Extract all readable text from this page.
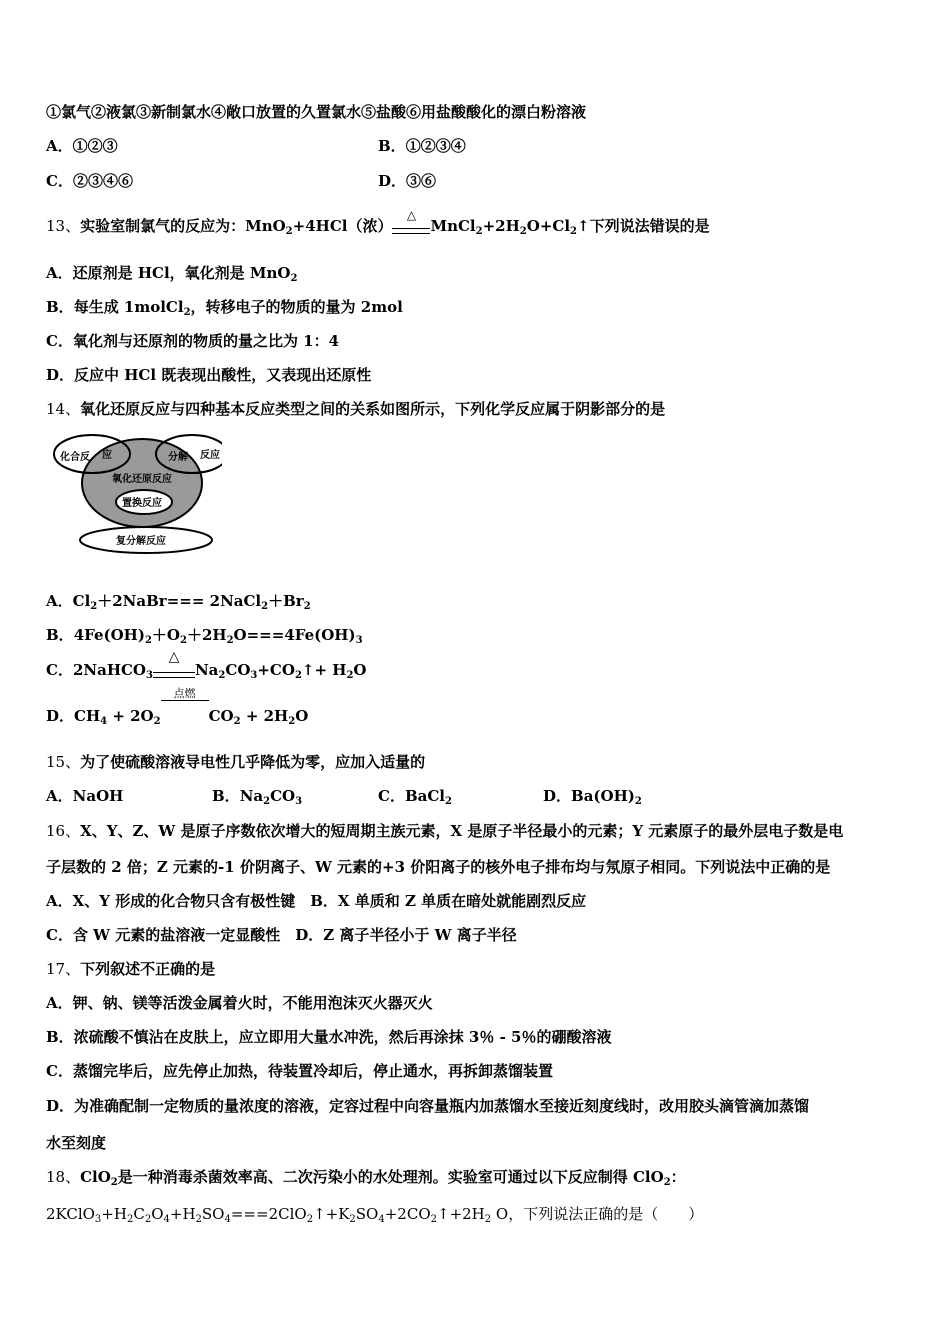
①氯气②液氯③新制氯水④敞口放置的久置氯水⑤盐酸⑥用盐酸酸化的漂白粉溶液
A．①②③	B．①②③④
C．②③④⑥	D．③⑥
13、实验室制氯气的反应为：MnO$_2$+4HCl（浓）
△
$MnCl_2+2H_2O+Cl_2↑$下列说法错误的是
A．还原剂是 HCl，氧化剂是 MnO$_2$
B．每生成 1molCl$_2$，转移电子的物质的量为 2mol
C．氧化剂与还原剂的物质的量之比为 1：4
D．反应中 HCl 既表现出酸性，又表现出还原性
14、氧化还原反应与四种基本反应类型之间的关系如图所示，下列化学反应属于阴影部分的是
化合反 应	分解 反应
氧化还原反应
置换反应
复分解反应
A．$Cl_2+2NaBr===$ $2NaCl_2+Br_2$
B．$4Fe(OH)_2+O_2+2H_2O===4Fe(OH)_3$
C．2NaHCO$_3$
△
$Na_2CO_3+CO_2↑+ H_2O$
D．$CH_4 + 2O_2$
点燃
$CO_2 + 2H_2O$
15、为了使硫酸溶液导电性几乎降低为零，应加入适量的
A．NaOH	B．$Na_2CO_3$	C．BaCl$_2$	D．$Ba(OH)_2$
16、X、Y、Z、W 是原子序数依次增大的短周期主族元素，X 是原子半径最小的元素；Y 元素原子的最外层电子数是电
子层数的 2 倍；Z 元素的-1 价阴离子、W 元素的+3 价阳离子的核外电子排布均与氖原子相同。下列说法中正确的是
A．X、Y 形成的化合物只含有极性键　B．X 单质和 Z 单质在暗处就能剧烈反应
C．含 W 元素的盐溶液一定显酸性　D．Z 离子半径小于 W 离子半径
17、下列叙述不正确的是
A．钾、钠、镁等活泼金属着火时，不能用泡沫灭火器灭火
B．浓硫酸不慎沾在皮肤上，应立即用大量水冲洗，然后再涂抹 3％ - 5％的硼酸溶液
C．蒸馏完毕后，应先停止加热，待装置冷却后，停止通水，再拆卸蒸馏装置
D．为准确配制一定物质的量浓度的溶液，定容过程中向容量瓶内加蒸馏水至接近刻度线时，改用胶头滴管滴加蒸馏
水至刻度
18、ClO$_2$是一种消毒杀菌效率高、二次污染小的水处理剂。实验室可通过以下反应制得 ClO$_2$：
$2KClO_3+H_2C_2O_4+H_2SO_4===2ClO_2↑+K_2SO_4+2CO_2↑+2H_2$ O，下列说法正确的是（　　）
